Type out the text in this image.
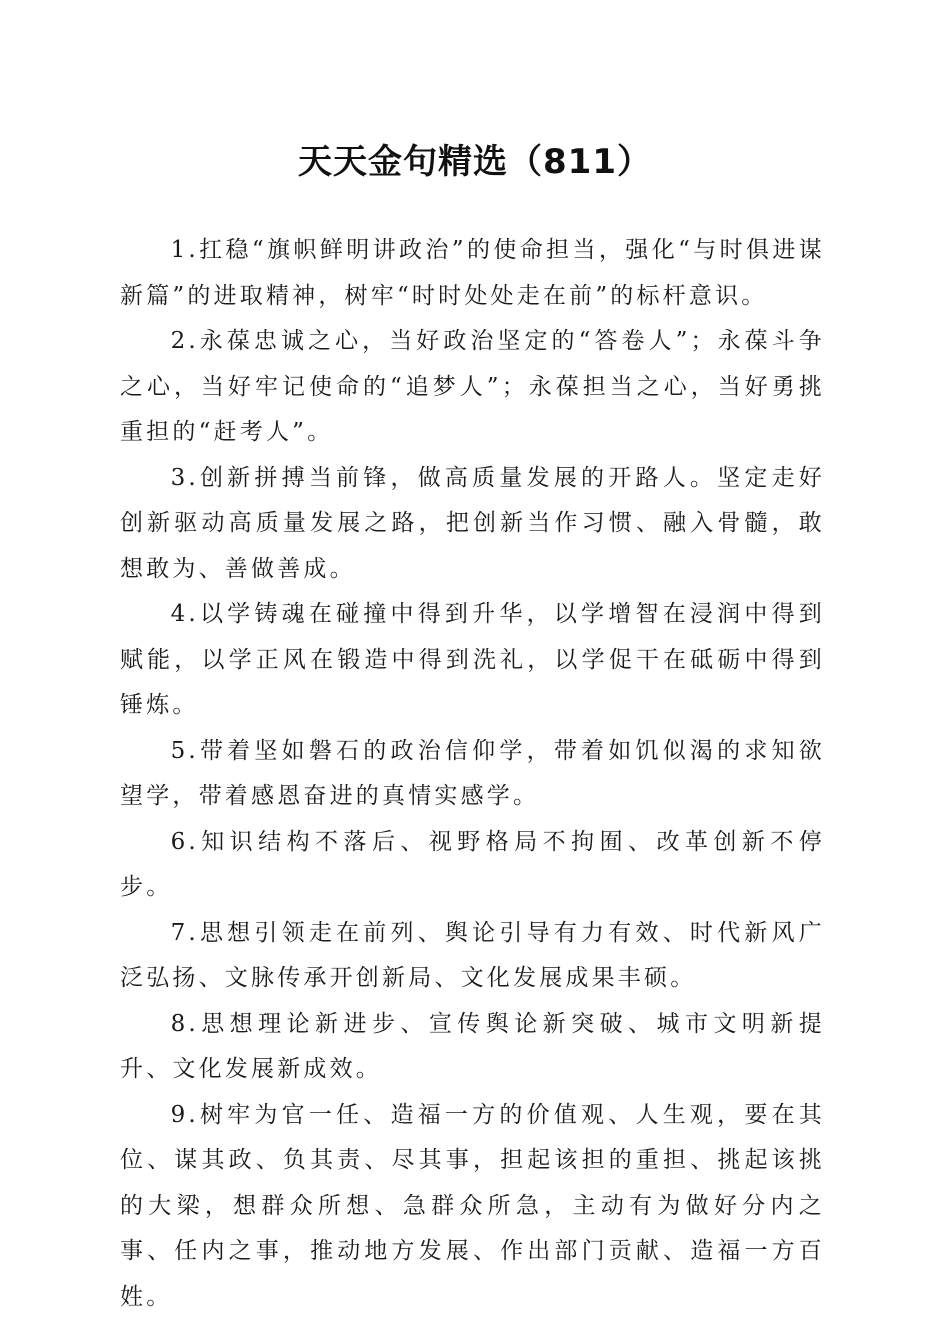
天天金句精选（811）

1.扛稳“旗帜鲜明讲政治”的使命担当，强化“与时俱进谋新篇”的进取精神，树牢“时时处处走在前”的标杆意识。

2.永葆忠诚之心，当好政治坚定的“答卷人”；永葆斗争之心，当好牢记使命的“追梦人”；永葆担当之心，当好勇挑重担的“赶考人”。

3.创新拼搏当前锋，做高质量发展的开路人。坚定走好创新驱动高质量发展之路，把创新当作习惯、融入骨髓，敢想敢为、善做善成。

4.以学铸魂在碰撞中得到升华，以学增智在浸润中得到赋能，以学正风在锻造中得到洗礼，以学促干在砥砺中得到锤炼。

5.带着坚如磐石的政治信仰学，带着如饥似渴的求知欲望学，带着感恩奋进的真情实感学。

6.知识结构不落后、视野格局不拘囿、改革创新不停步。

7.思想引领走在前列、舆论引导有力有效、时代新风广泛弘扬、文脉传承开创新局、文化发展成果丰硕。

8.思想理论新进步、宣传舆论新突破、城市文明新提升、文化发展新成效。

9.树牢为官一任、造福一方的价值观、人生观，要在其位、谋其政、负其责、尽其事，担起该担的重担、挑起该挑的大梁，想群众所想、急群众所急，主动有为做好分内之事、任内之事，推动地方发展、作出部门贡献、造福一方百姓。
